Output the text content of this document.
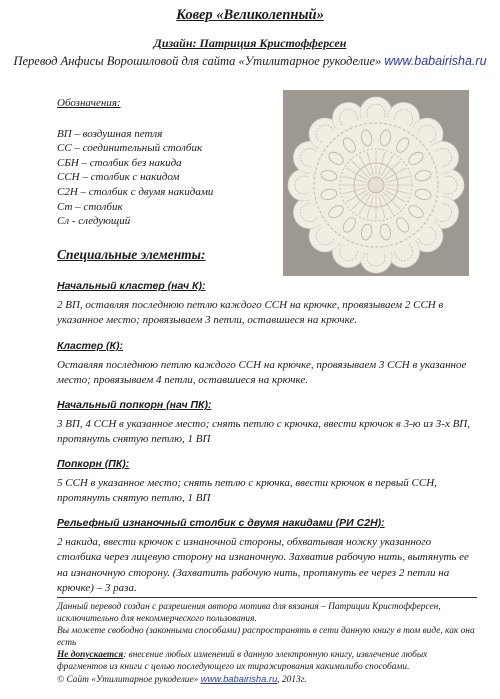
Ковер «Великолепный»
Дизайн: Патриция Кристофферсен
Перевод Анфисы Ворошиловой для сайта «Утилитарное рукоделие» www.babairisha.ru
Обозначения:
ВП – воздушная петля
СС – соединительный столбик
СБН – столбик без накида
ССН – столбик с накидом
С2Н – столбик с двумя накидами
Ст – столбик
Сл - следующий
Специальные элементы:
Начальный кластер (нач К):
2 ВП, оставляя последнюю петлю каждого ССН на крючке, провязываем 2 ССН в указанное место; провязываем 3 петли, оставшиеся на крючке.
Кластер (К):
Оставляя последнюю петлю каждого ССН на крючке, провязываем 3 ССН в указанное место; провязываем 4 петли, оставшиеся на крючке.
Начальный попкорн (нач ПК):
3 ВП, 4 ССН в указанное место; снять петлю с крючка, ввести крючок в 3-ю из 3-х ВП, протянуть снятую петлю, 1 ВП
Попкорн (ПК):
5 ССН в указанное место; снять петлю с крючка, ввести крючок в первый ССН, протянуть снятую петлю, 1 ВП
Рельефный изнаночный столбик с двумя накидами (РИ С2Н):
2 накида, ввести крючок с изнаночной стороны, обхватывая ножку указанного столбика через лицевую сторону на изнаночную. Захватив рабочую нить, вытянуть ее на изнаночную сторону. (Захватить рабочую нить, протянуть ее через 2 петли на крючке) – 3 раза.
Данный перевод создан с разрешения автора мотива для вязания – Патриции Кристофферсен, исключительно для некоммерческого пользования.
Вы можете свободно (законными способами) распространять в сети данную книгу в том виде, как она есть
Не допускается: внесение любых изменений в данную электронную книгу, извлечение любых фрагментов из книги с целью последующего их тиражирования какимилибо способами.
© Сайт «Утилитарное рукоделие» www.babairisha.ru, 2013г.
